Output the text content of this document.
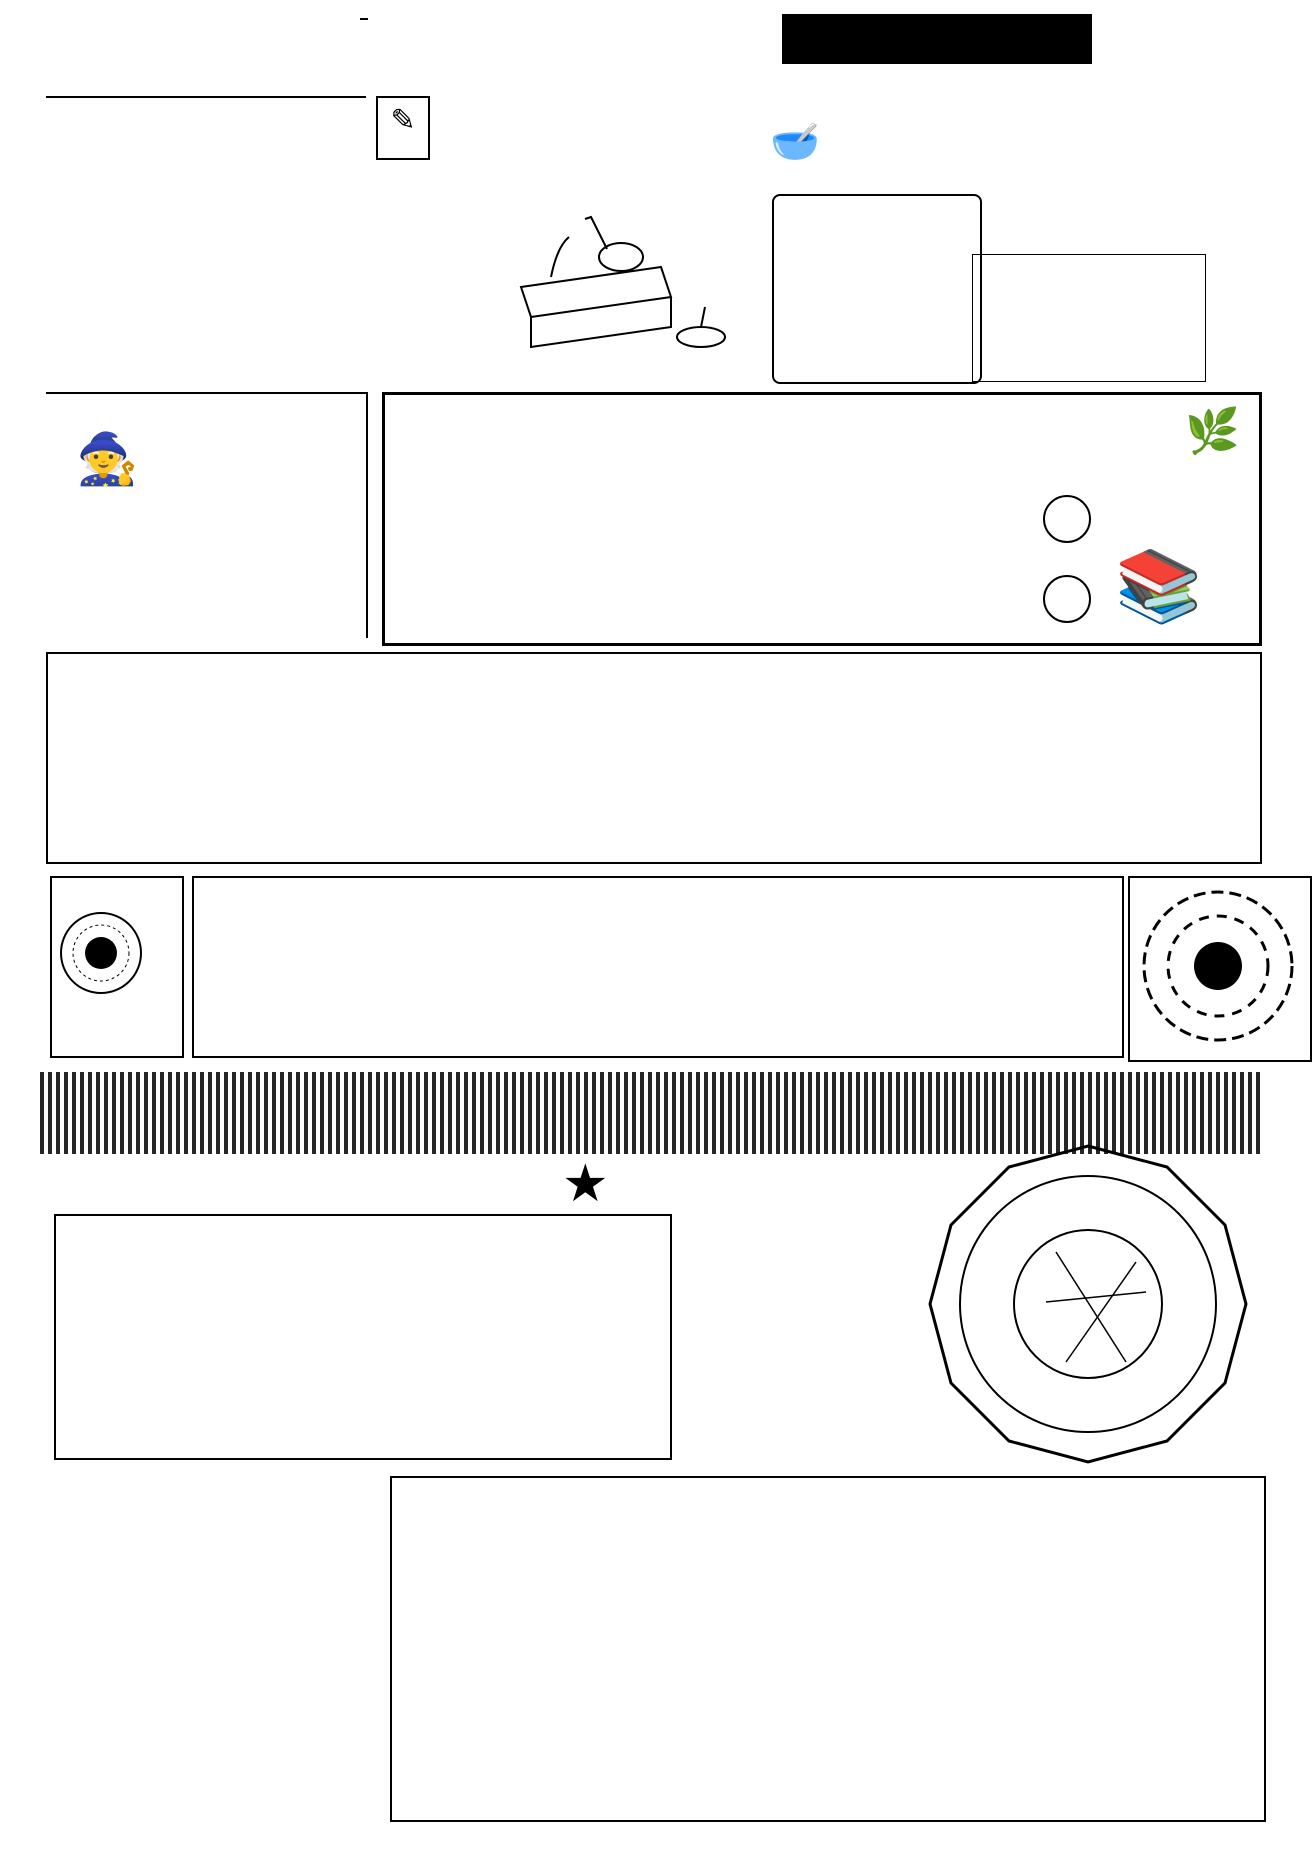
✎	🥣
🧙
📚
🌿
★
